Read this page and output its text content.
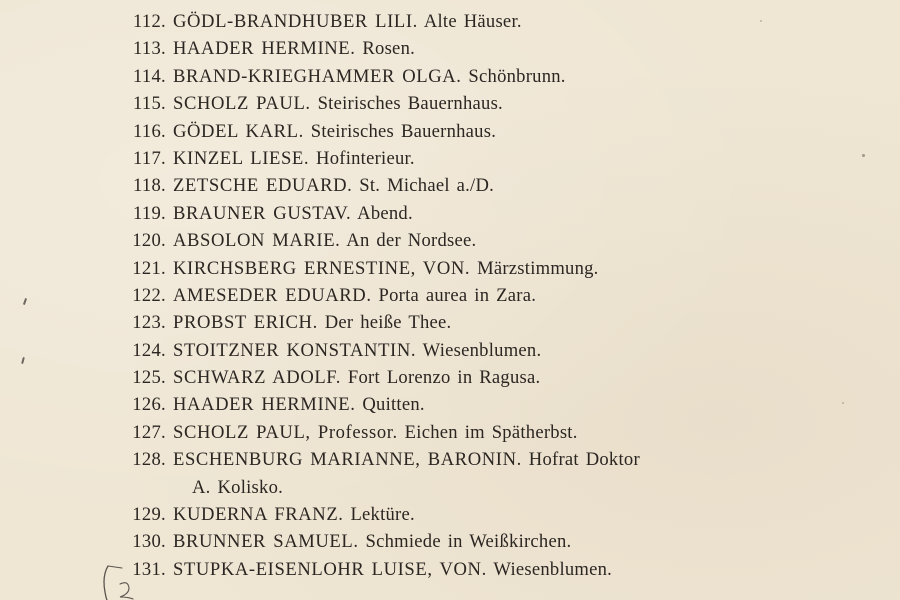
112. GÖDL-BRANDHUBER LILI. Alte Häuser.
113. HAADER HERMINE. Rosen.
114. BRAND-KRIEGHAMMER OLGA. Schönbrunn.
115. SCHOLZ PAUL. Steirisches Bauernhaus.
116. GÖDEL KARL. Steirisches Bauernhaus.
117. KINZEL LIESE. Hofinterieur.
118. ZETSCHE EDUARD. St. Michael a./D.
119. BRAUNER GUSTAV. Abend.
120. ABSOLON MARIE. An der Nordsee.
121. KIRCHSBERG ERNESTINE, VON. Märzstimmung.
122. AMESEDER EDUARD. Porta aurea in Zara.
123. PROBST ERICH. Der heiße Thee.
124. STOITZNER KONSTANTIN. Wiesenblumen.
125. SCHWARZ ADOLF. Fort Lorenzo in Ragusa.
126. HAADER HERMINE. Quitten.
127. SCHOLZ PAUL, Professor. Eichen im Spätherbst.
128. ESCHENBURG MARIANNE, BARONIN. Hofrat Doktor
A. Kolisko.
129. KUDERNA FRANZ. Lektüre.
130. BRUNNER SAMUEL. Schmiede in Weißkirchen.
131. STUPKA-EISENLOHR LUISE, VON. Wiesenblumen.
